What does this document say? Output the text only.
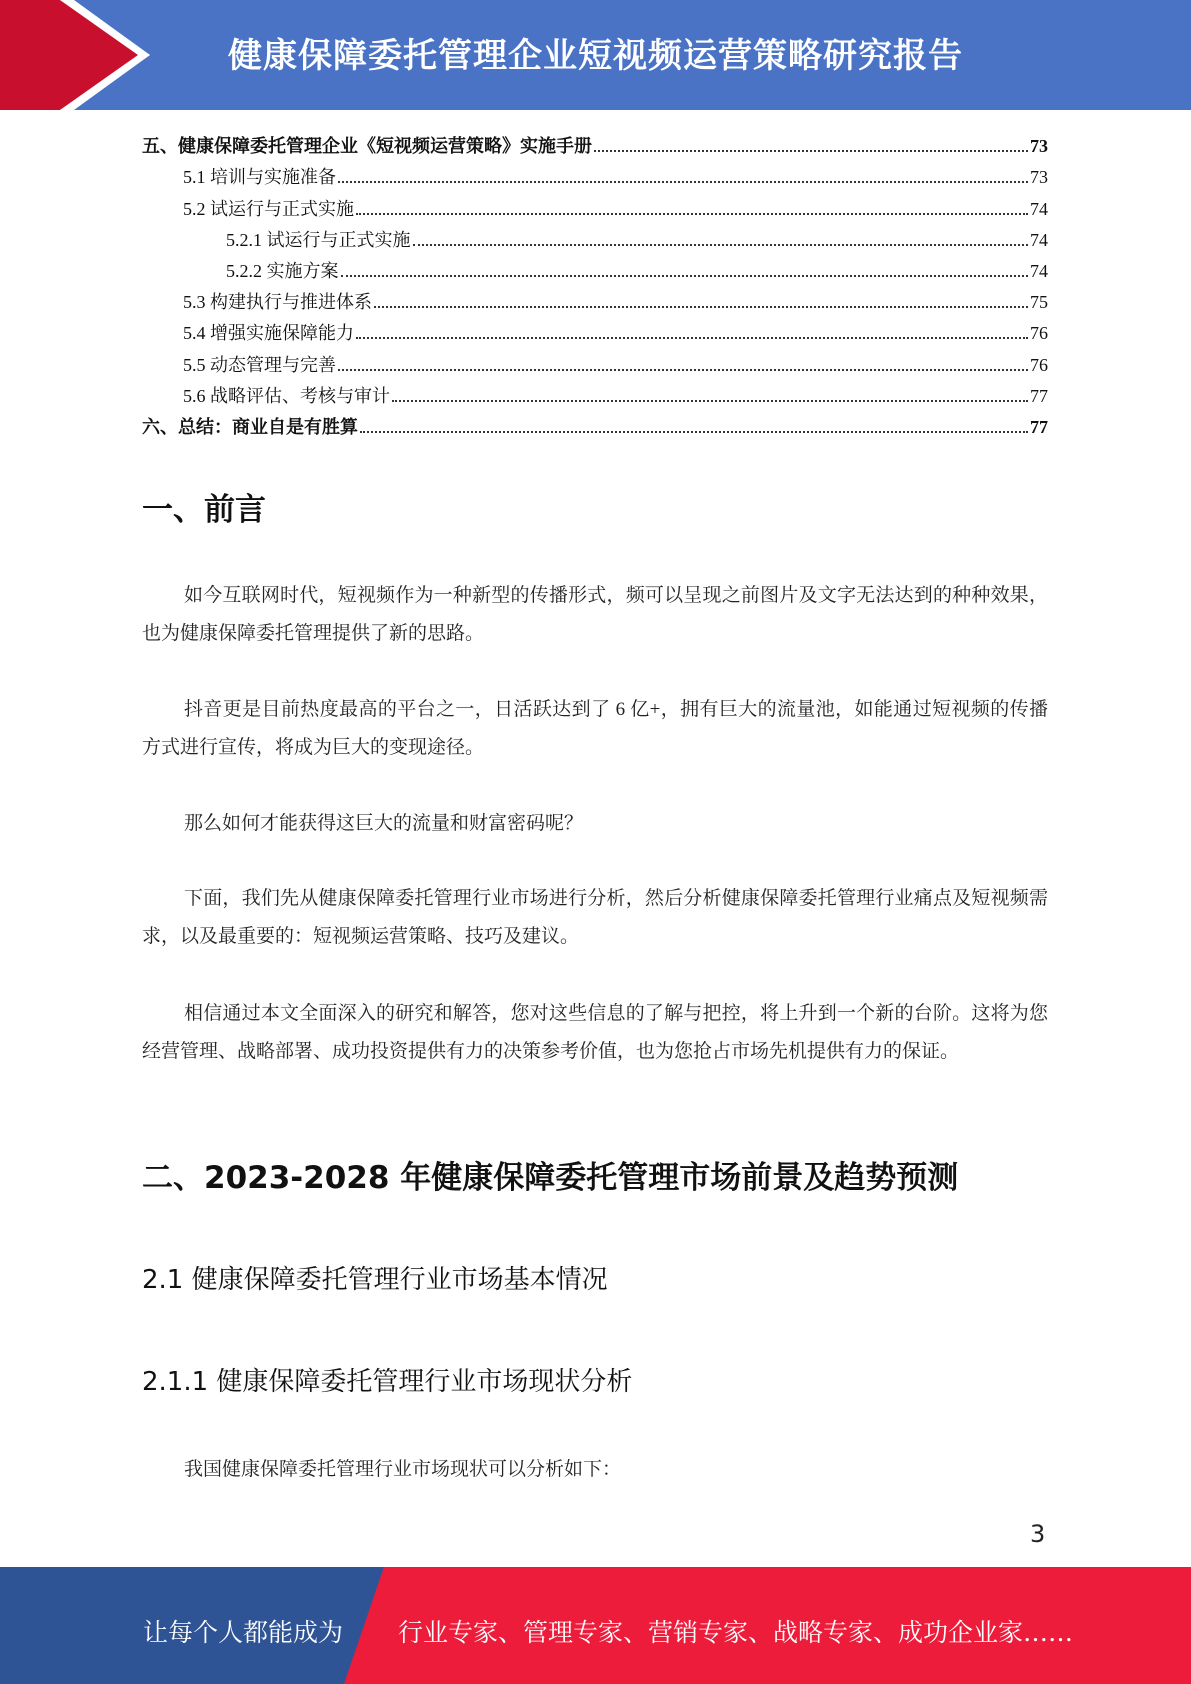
健康保障委托管理企业短视频运营策略研究报告
五、健康保障委托管理企业《短视频运营策略》实施手册	73
5.1 培训与实施准备	73
5.2 试运行与正式实施	74
5.2.1 试运行与正式实施	74
5.2.2 实施方案	74
5.3 构建执行与推进体系	75
5.4 增强实施保障能力	76
5.5 动态管理与完善	76
5.6 战略评估、考核与审计	77
六、总结：商业自是有胜算	77
一、前言
如今互联网时代，短视频作为一种新型的传播形式，频可以呈现之前图片及文字无法达到的种种效果，也为健康保障委托管理提供了新的思路。
抖音更是目前热度最高的平台之一，日活跃达到了 6 亿+，拥有巨大的流量池，如能通过短视频的传播方式进行宣传，将成为巨大的变现途径。
那么如何才能获得这巨大的流量和财富密码呢？
下面，我们先从健康保障委托管理行业市场进行分析，然后分析健康保障委托管理行业痛点及短视频需求，以及最重要的：短视频运营策略、技巧及建议。
相信通过本文全面深入的研究和解答，您对这些信息的了解与把控，将上升到一个新的台阶。这将为您经营管理、战略部署、成功投资提供有力的决策参考价值，也为您抢占市场先机提供有力的保证。
二、2023-2028 年健康保障委托管理市场前景及趋势预测
2.1 健康保障委托管理行业市场基本情况
2.1.1 健康保障委托管理行业市场现状分析
我国健康保障委托管理行业市场现状可以分析如下：
3
让每个人都能成为 行业专家、管理专家、营销专家、战略专家、成功企业家……
